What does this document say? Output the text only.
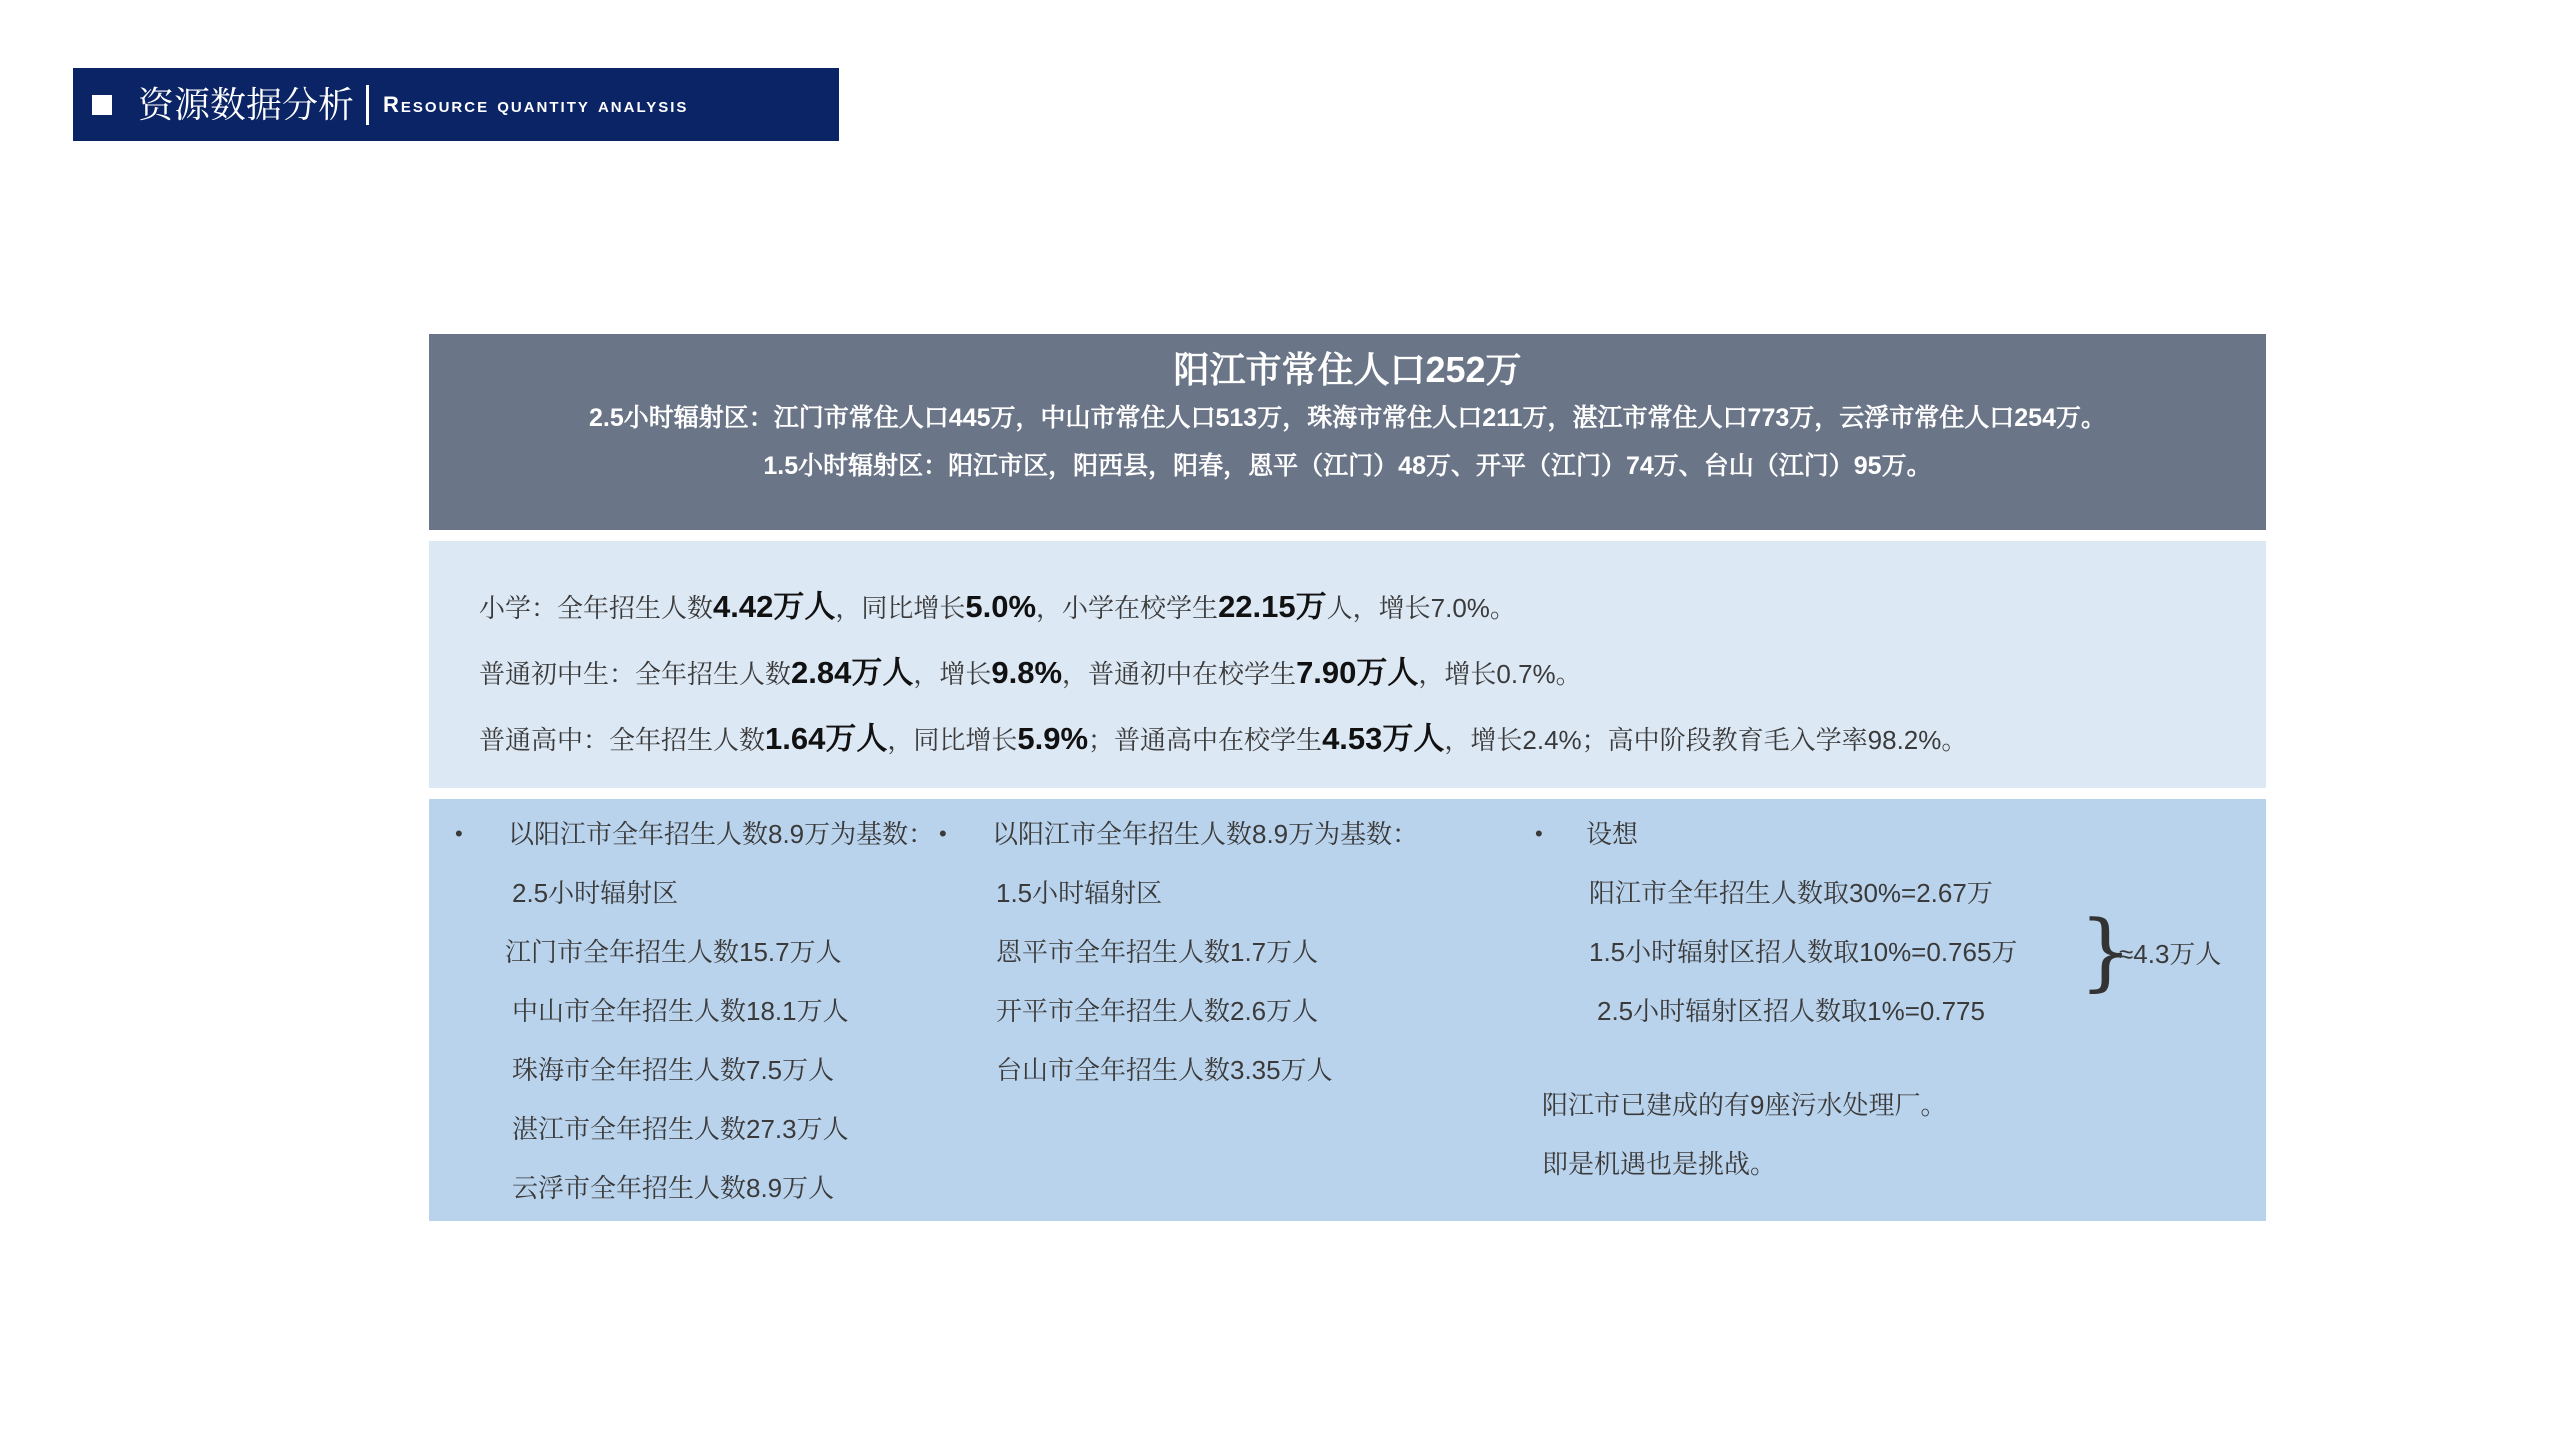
资源数据分析 Resource quantity analysis
阳江市常住人口252万
2.5小时辐射区：江门市常住人口445万，中山市常住人口513万，珠海市常住人口211万，湛江市常住人口773万，云浮市常住人口254万。
1.5小时辐射区：阳江市区，阳西县，阳春，恩平（江门）48万、开平（江门）74万、台山（江门）95万。
小学：全年招生人数4.42万人，同比增长5.0%，小学在校学生22.15万人，增长7.0%。
普通初中生：全年招生人数2.84万人，增长9.8%，普通初中在校学生7.90万人，增长0.7%。
普通高中：全年招生人数1.64万人，同比增长5.9%；普通高中在校学生4.53万人，增长2.4%；高中阶段教育毛入学率98.2%。
• 以阳江市全年招生人数8.9万为基数：
2.5小时辐射区
江门市全年招生人数15.7万人
中山市全年招生人数18.1万人
珠海市全年招生人数7.5万人
湛江市全年招生人数27.3万人
云浮市全年招生人数8.9万人
• 以阳江市全年招生人数8.9万为基数：
1.5小时辐射区
恩平市全年招生人数1.7万人
开平市全年招生人数2.6万人
台山市全年招生人数3.35万人
• 设想
阳江市全年招生人数取30%=2.67万
1.5小时辐射区招人数取10%=0.765万
2.5小时辐射区招人数取1%=0.775
}
≈4.3万人
阳江市已建成的有9座污水处理厂。
即是机遇也是挑战。
